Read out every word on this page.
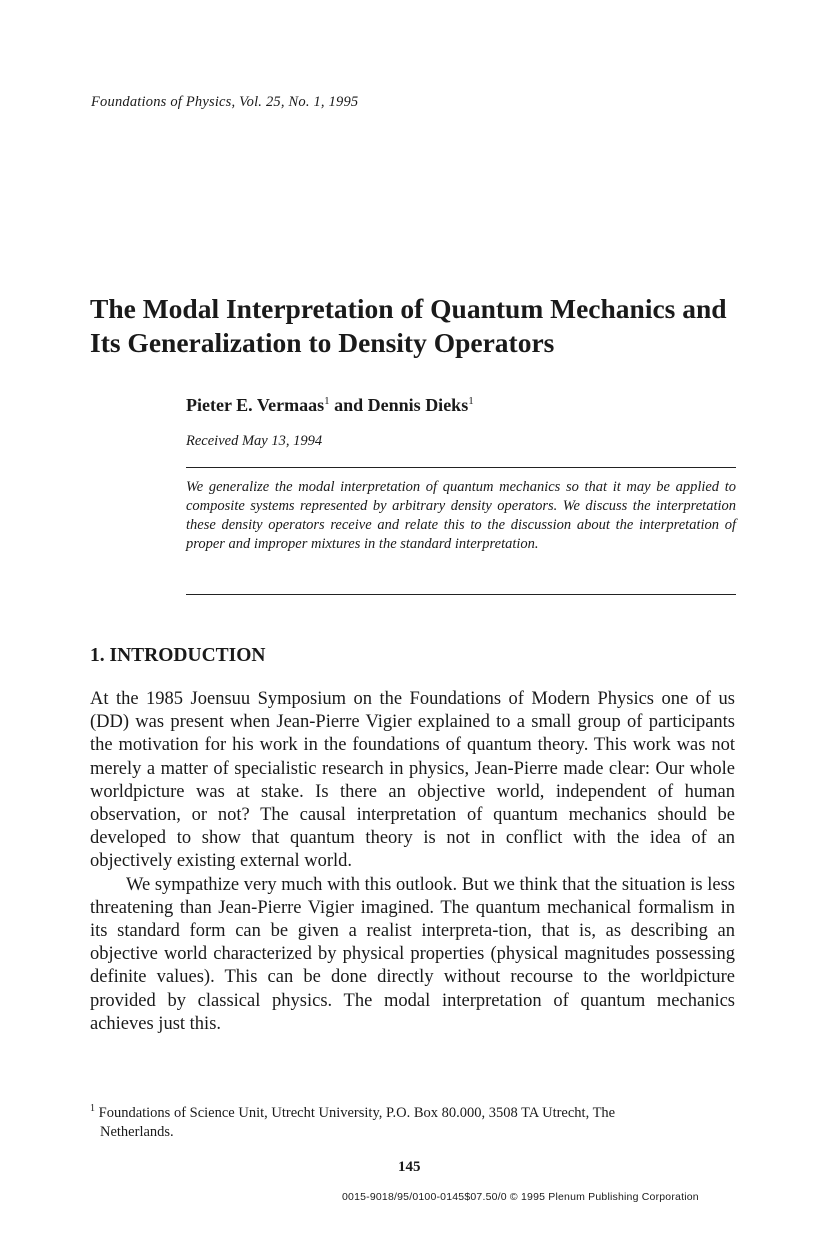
Foundations of Physics, Vol. 25, No. 1, 1995
The Modal Interpretation of Quantum Mechanics and
Its Generalization to Density Operators
Pieter E. Vermaas$^1$ and Dennis Dieks$^1$
Received May 13, 1994

We generalize the modal interpretation of quantum mechanics so that it may be applied to composite systems represented by arbitrary density operators. We discuss the interpretation these density operators receive and relate this to the discussion about the interpretation of proper and improper mixtures in the standard interpretation.

1. INTRODUCTION

At the 1985 Joensuu Symposium on the Foundations of Modern Physics one of us (DD) was present when Jean-Pierre Vigier explained to a small group of participants the motivation for his work in the foundations of quantum theory. This work was not merely a matter of specialistic research in physics, Jean-Pierre made clear: Our whole worldpicture was at stake. Is there an objective world, independent of human observation, or not? The causal interpretation of quantum mechanics should be developed to show that quantum theory is not in conflict with the idea of an objectively existing external world.

We sympathize very much with this outlook. But we think that the situation is less threatening than Jean-Pierre Vigier imagined. The quantum mechanical formalism in its standard form can be given a realist interpreta-tion, that is, as describing an objective world characterized by physical properties (physical magnitudes possessing definite values). This can be done directly without recourse to the worldpicture provided by classical physics. The modal interpretation of quantum mechanics achieves just this.

$^1$ Foundations of Science Unit, Utrecht University, P.O. Box 80.000, 3508 TA Utrecht, The
Netherlands.
145
0015-9018/95/0100-0145$07.50/0 © 1995 Plenum Publishing Corporation
